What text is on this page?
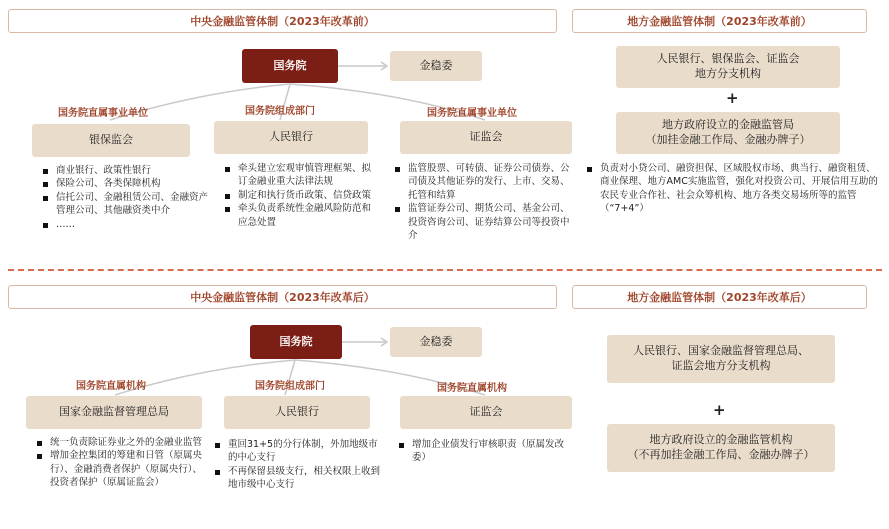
中央金融监管体制（2023年改革前）	地方金融监管体制（2023年改革前）
国务院	金稳委
国务院直属事业单位	国务院组成部门	国务院直属事业单位
银保监会	人民银行	证监会
商业银行、政策性银行
保险公司、各类保障机构
信托公司、金融租赁公司、金融资产管理公司、其他融资类中介
……
牵头建立宏观审慎管理框架、拟订金融业重大法律法规
制定和执行货币政策、信贷政策
牵头负责系统性金融风险防范和应急处置
监管股票、可转债、证券公司债券、公司债及其他证券的发行、上市、交易、托管和结算
监管证券公司、期货公司、基金公司、投资咨询公司、证券结算公司等投资中介
人民银行、银保监会、证监会
地方分支机构
+
地方政府设立的金融监管局
（加挂金融工作局、金融办牌子）
负责对小贷公司、融资担保、区域股权市场、典当行、融资租赁、商业保理、地方AMC实施监管，强化对投资公司、开展信用互助的农民专业合作社、社会众筹机构、地方各类交易场所等的监管（“7+4”）
中央金融监管体制（2023年改革后）	地方金融监管体制（2023年改革后）
国务院	金稳委
国务院直属机构	国务院组成部门	国务院直属机构
国家金融监督管理总局	人民银行	证监会
统一负责除证券业之外的金融业监管
增加金控集团的筹建和日管（原属央行）、金融消费者保护（原属央行）、投资者保护（原属证监会）
重回31+5的分行体制，外加地级市的中心支行
不再保留县级支行，相关权限上收到地市级中心支行
增加企业债发行审核职责（原属发改委）
人民银行、国家金融监督管理总局、
证监会地方分支机构
+
地方政府设立的金融监管机构
（不再加挂金融工作局、金融办牌子）
